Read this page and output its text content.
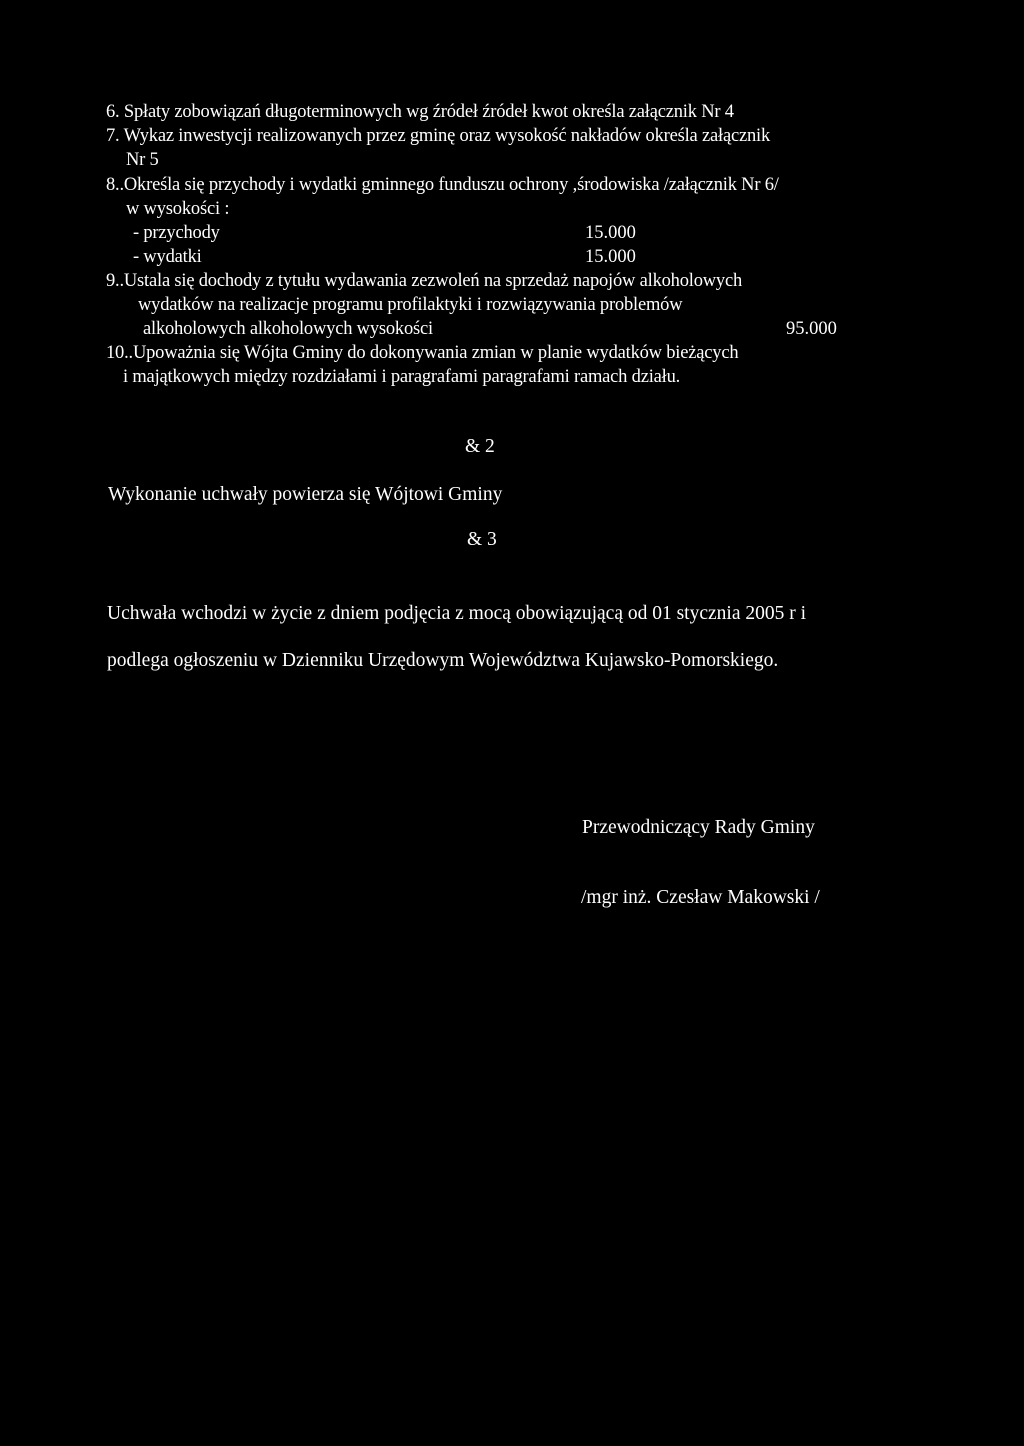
6. Spłaty zobowiązań długoterminowych wg źródeł źródeł kwot określa załącznik Nr 4
7. Wykaz inwestycji realizowanych przez gminę oraz wysokość nakładów określa załącznik
Nr 5
8..Określa się przychody i wydatki gminnego funduszu ochrony ,środowiska /załącznik Nr 6/
w wysokości :
- przychody	15.000
- wydatki	15.000
9..Ustala się dochody z tytułu wydawania zezwoleń na sprzedaż napojów alkoholowych
wydatków na realizacje programu profilaktyki i rozwiązywania problemów
alkoholowych alkoholowych wysokości	95.000
10..Upoważnia się Wójta Gminy do dokonywania zmian w planie wydatków bieżących
i majątkowych między rozdziałami i paragrafami paragrafami ramach działu.
& 2
Wykonanie uchwały powierza się Wójtowi Gminy
& 3
Uchwała wchodzi w życie z dniem podjęcia z mocą obowiązującą od 01 stycznia 2005 r i
podlega ogłoszeniu w Dzienniku Urzędowym Województwa Kujawsko-Pomorskiego.
Przewodniczący Rady Gminy
/mgr inż. Czesław Makowski /
